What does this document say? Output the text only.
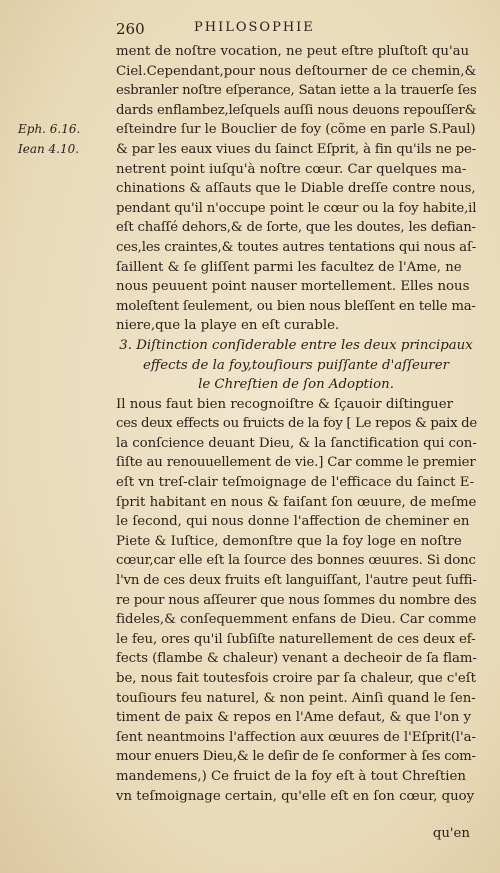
260	PHILOSOPHIE
Eph. 6.16.
Iean 4.10.
ment de noſtre vocation, ne peut eſtre pluſtoſt qu'au
Ciel.Cependant,pour nous deſtourner de ce chemin,&
esbranler noſtre eſperance, Satan iette a la trauerſe ſes
dards enflambez,leſquels auſſi nous deuons repouſſer&
eſteindre ſur le Bouclier de foy (cõme en parle S.Paul)
& par les eaux viues du ſainct Eſprit, à fin qu'ils ne pe-
netrent point iuſqu'à noſtre cœur. Car quelques ma-
chinations & aſſauts que le Diable dreſſe contre nous,
pendant qu'il n'occupe point le cœur ou la foy habite,il
eſt chaſſé dehors,& de ſorte, que les doutes, les defian-
ces,les craintes,& toutes autres tentations qui nous aſ-
ſaillent & ſe gliſſent parmi les facultez de l'Ame, ne
nous peuuent point nauser mortellement. Elles nous
moleſtent ſeulement, ou bien nous bleſſent en telle ma-
niere,que la playe en eſt curable.
3. Diſtinction conſiderable entre les deux principaux
effects de la foy,touſiours puiſſante d'aſſeurer
le Chreſtien de ſon Adoption.
Il nous faut bien recognoiſtre & ſçauoir diſtinguer
ces deux effects ou fruicts de la foy [ Le repos & paix de
la conſcience deuant Dieu, & la ſanctification qui con-
ſiſte au renouuellement de vie.] Car comme le premier
eſt vn treſ-clair teſmoignage de l'efficace du ſainct E-
ſprit habitant en nous & faiſant ſon œuure, de meſme
le ſecond, qui nous donne l'affection de cheminer en
Piete & Iuſtice, demonſtre que la foy loge en noſtre
cœur,car elle eſt la ſource des bonnes œuures. Si donc
l'vn de ces deux fruits eſt languiſſant, l'autre peut ſuffi-
re pour nous aſſeurer que nous ſommes du nombre des
fideles,& conſequemment enfans de Dieu. Car comme
le feu, ores qu'il ſubſiſte naturellement de ces deux ef-
fects (flambe & chaleur) venant a decheoir de ſa flam-
be, nous fait toutesfois croire par ſa chaleur, que c'eſt
touſiours feu naturel, & non peint. Ainſi quand le ſen-
timent de paix & repos en l'Ame defaut, & que l'on y
ſent neantmoins l'affection aux œuures de l'Eſprit(l'a-
mour enuers Dieu,& le deſir de ſe conformer à ſes com-
mandemens,) Ce fruict de la foy eſt à tout Chreſtien
vn teſmoignage certain, qu'elle eſt en ſon cœur, quoy
qu'en
